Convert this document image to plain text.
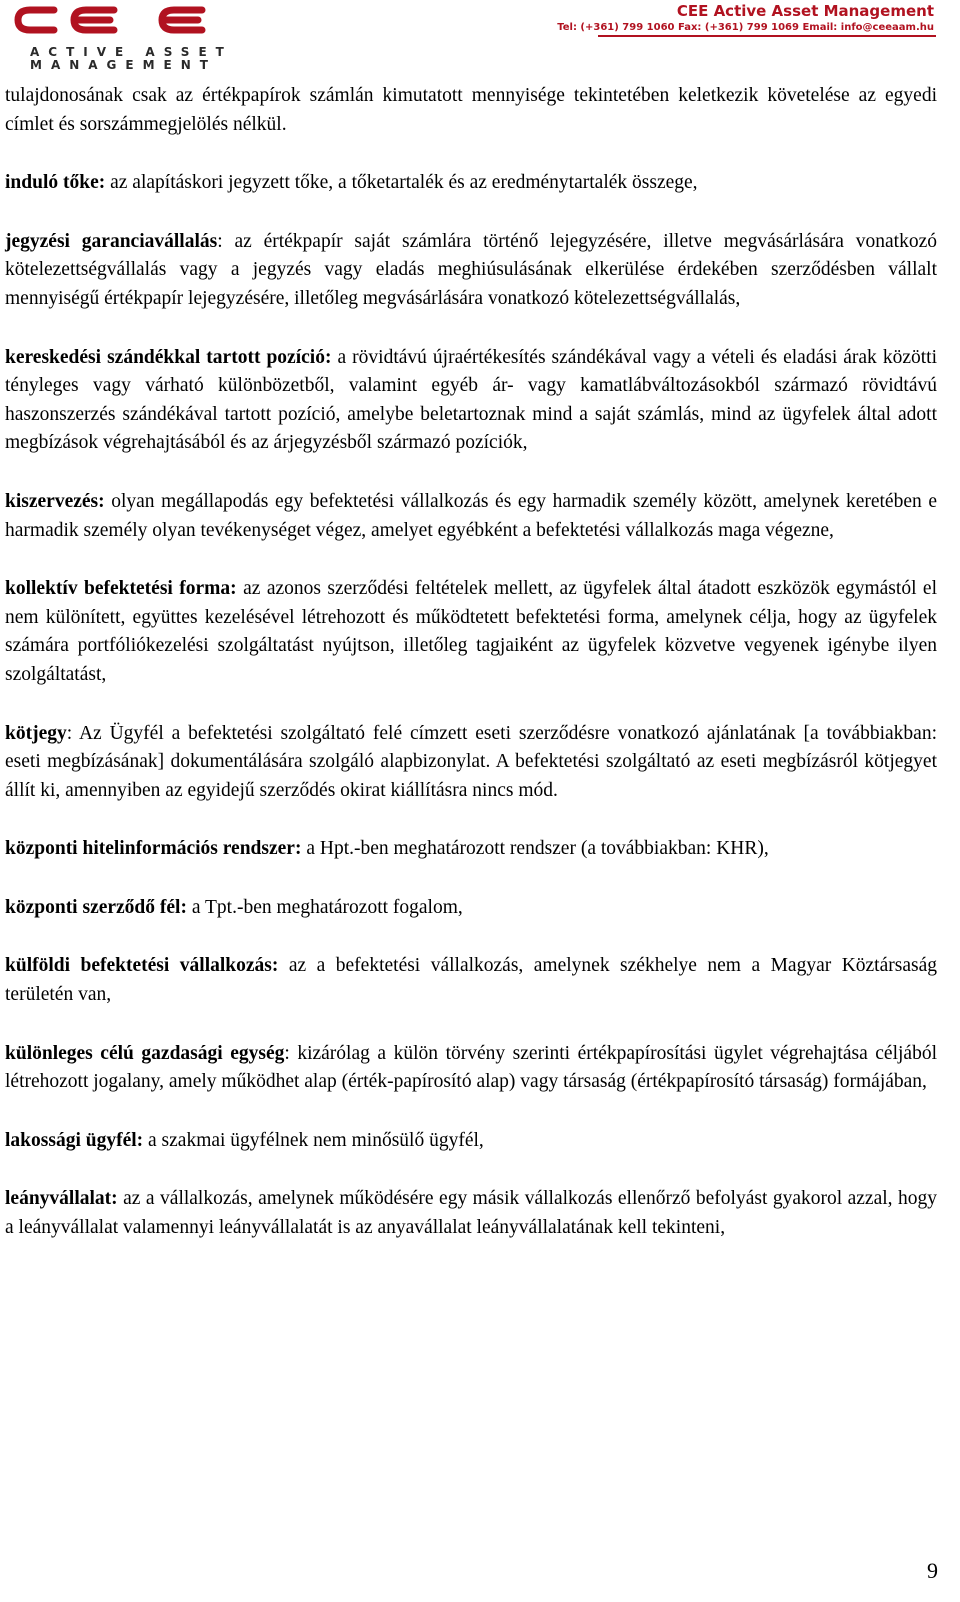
ACTIVE ASSET
MANAGEMENT
CEE Active Asset Management
Tel: (+361) 799 1060 Fax: (+361) 799 1069 Email: info@ceeaam.hu

tulajdonosának csak az értékpapírok számlán kimutatott mennyisége tekintetében keletkezik követelése az egyedi címlet és sorszámmegjelölés nélkül.

induló tőke: az alapításkori jegyzett tőke, a tőketartalék és az eredménytartalék összege,

jegyzési garanciavállalás: az értékpapír saját számlára történő lejegyzésére, illetve megvásárlására vonatkozó kötelezettségvállalás vagy a jegyzés vagy eladás meghiúsulásának elkerülése érdekében szerződésben vállalt mennyiségű értékpapír lejegyzésére, illetőleg megvásárlására vonatkozó kötelezettségvállalás,

kereskedési szándékkal tartott pozíció: a rövidtávú újraértékesítés szándékával vagy a vételi és eladási árak közötti tényleges vagy várható különbözetből, valamint egyéb ár- vagy kamatlábváltozásokból származó rövidtávú haszonszerzés szándékával tartott pozíció, amelybe beletartoznak mind a saját számlás, mind az ügyfelek által adott megbízások végrehajtásából és az árjegyzésből származó pozíciók,

kiszervezés: olyan megállapodás egy befektetési vállalkozás és egy harmadik személy között, amelynek keretében e harmadik személy olyan tevékenységet végez, amelyet egyébként a befektetési vállalkozás maga végezne,

kollektív befektetési forma: az azonos szerződési feltételek mellett, az ügyfelek által átadott eszközök egymástól el nem különített, együttes kezelésével létrehozott és működtetett befektetési forma, amelynek célja, hogy az ügyfelek számára portfóliókezelési szolgáltatást nyújtson, illetőleg tagjaiként az ügyfelek közvetve vegyenek igénybe ilyen szolgáltatást,

kötjegy: Az Ügyfél a befektetési szolgáltató felé címzett eseti szerződésre vonatkozó ajánlatának [a továbbiakban: eseti megbízásának] dokumentálására szolgáló alapbizonylat. A befektetési szolgáltató az eseti megbízásról kötjegyet állít ki, amennyiben az egyidejű szerződés okirat kiállításra nincs mód.

központi hitelinformációs rendszer: a Hpt.-ben meghatározott rendszer (a továbbiakban: KHR),

központi szerződő fél: a Tpt.-ben meghatározott fogalom,

külföldi befektetési vállalkozás: az a befektetési vállalkozás, amelynek székhelye nem a Magyar Köztársaság területén van,

különleges célú gazdasági egység: kizárólag a külön törvény szerinti értékpapírosítási ügylet végrehajtása céljából létrehozott jogalany, amely működhet alap (érték-papírosító alap) vagy társaság (értékpapírosító társaság) formájában,

lakossági ügyfél: a szakmai ügyfélnek nem minősülő ügyfél,

leányvállalat: az a vállalkozás, amelynek működésére egy másik vállalkozás ellenőrző befolyást gyakorol azzal, hogy a leányvállalat valamennyi leányvállalatát is az anyavállalat leányvállalatának kell tekinteni,

9
